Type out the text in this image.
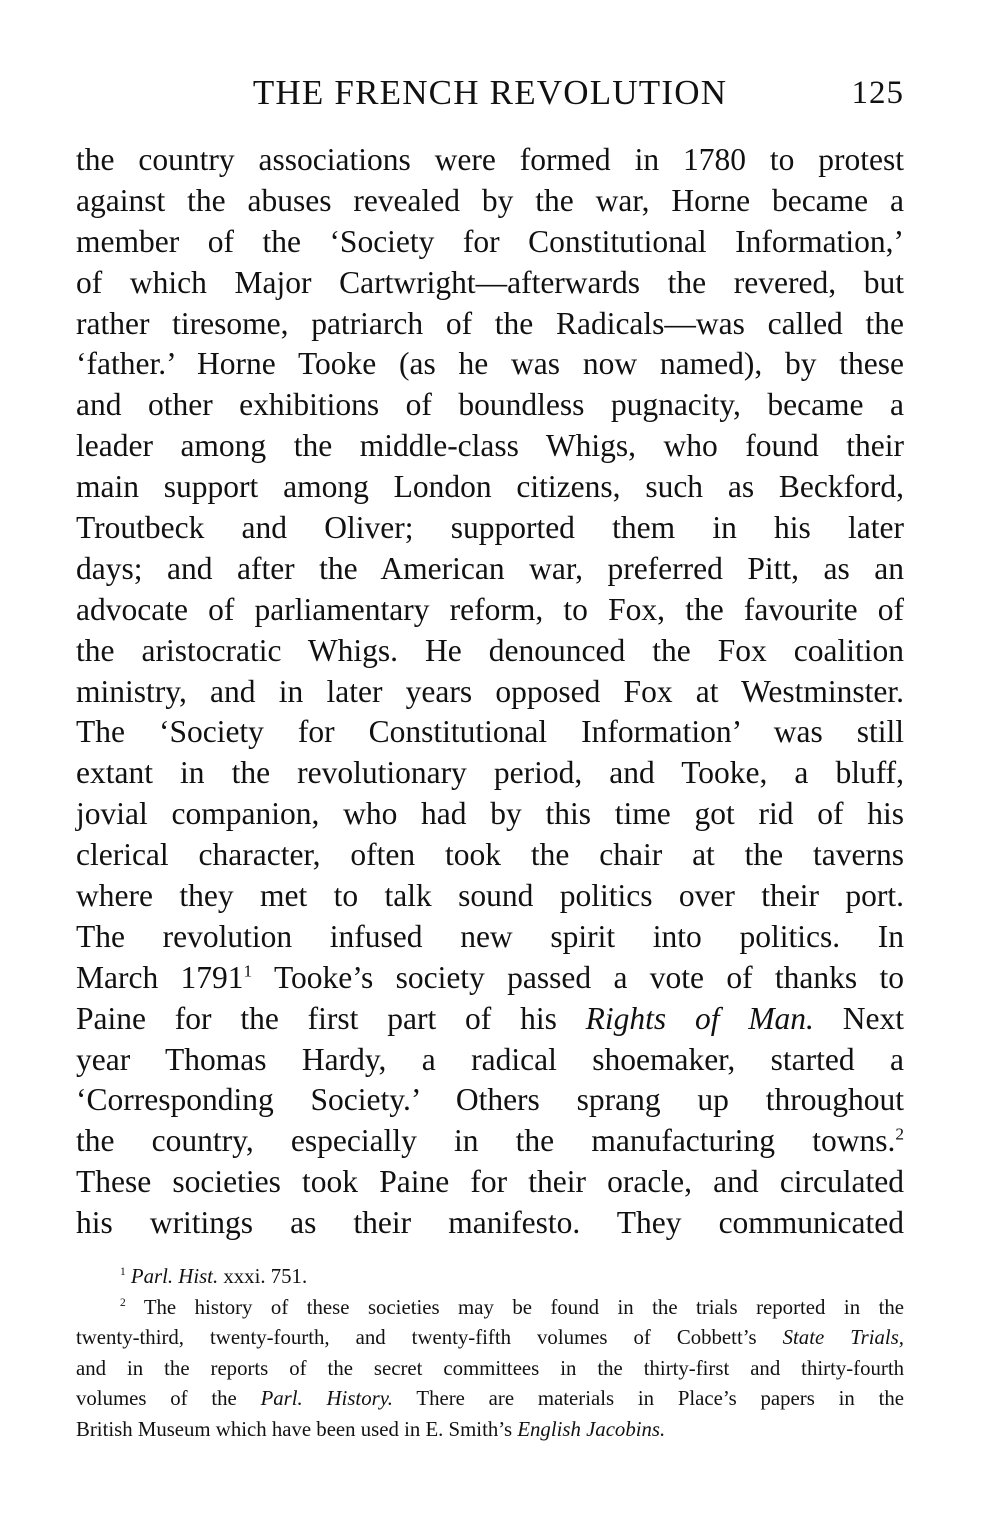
THE FRENCH REVOLUTION	125
the country associations were formed in 1780 to protest
against the abuses revealed by the war, Horne became a
member of the ‘Society for Constitutional Information,’
of which Major Cartwright—afterwards the revered, but
rather tiresome, patriarch of the Radicals—was called the
‘father.’ Horne Tooke (as he was now named), by these
and other exhibitions of boundless pugnacity, became a
leader among the middle-class Whigs, who found their
main support among London citizens, such as Beckford,
Troutbeck and Oliver; supported them in his later
days; and after the American war, preferred Pitt, as an
advocate of parliamentary reform, to Fox, the favourite of
the aristocratic Whigs. He denounced the Fox coalition
ministry, and in later years opposed Fox at Westminster.
The ‘Society for Constitutional Information’ was still
extant in the revolutionary period, and Tooke, a bluff,
jovial companion, who had by this time got rid of his
clerical character, often took the chair at the taverns
where they met to talk sound politics over their port.
The revolution infused new spirit into politics. In
March 1791$^1$ Tooke’s society passed a vote of thanks to
Paine for the first part of his Rights of Man. Next
year Thomas Hardy, a radical shoemaker, started a
‘Corresponding Society.’ Others sprang up throughout
the country, especially in the manufacturing towns.$^2$
These societies took Paine for their oracle, and circulated
his writings as their manifesto. They communicated
$^1$ Parl. Hist. xxxi. 751.
$^2$ The history of these societies may be found in the trials reported in the
twenty-third, twenty-fourth, and twenty-fifth volumes of Cobbett’s State Trials,
and in the reports of the secret committees in the thirty-first and thirty-fourth
volumes of the Parl. History. There are materials in Place’s papers in the
British Museum which have been used in E. Smith’s English Jacobins.
